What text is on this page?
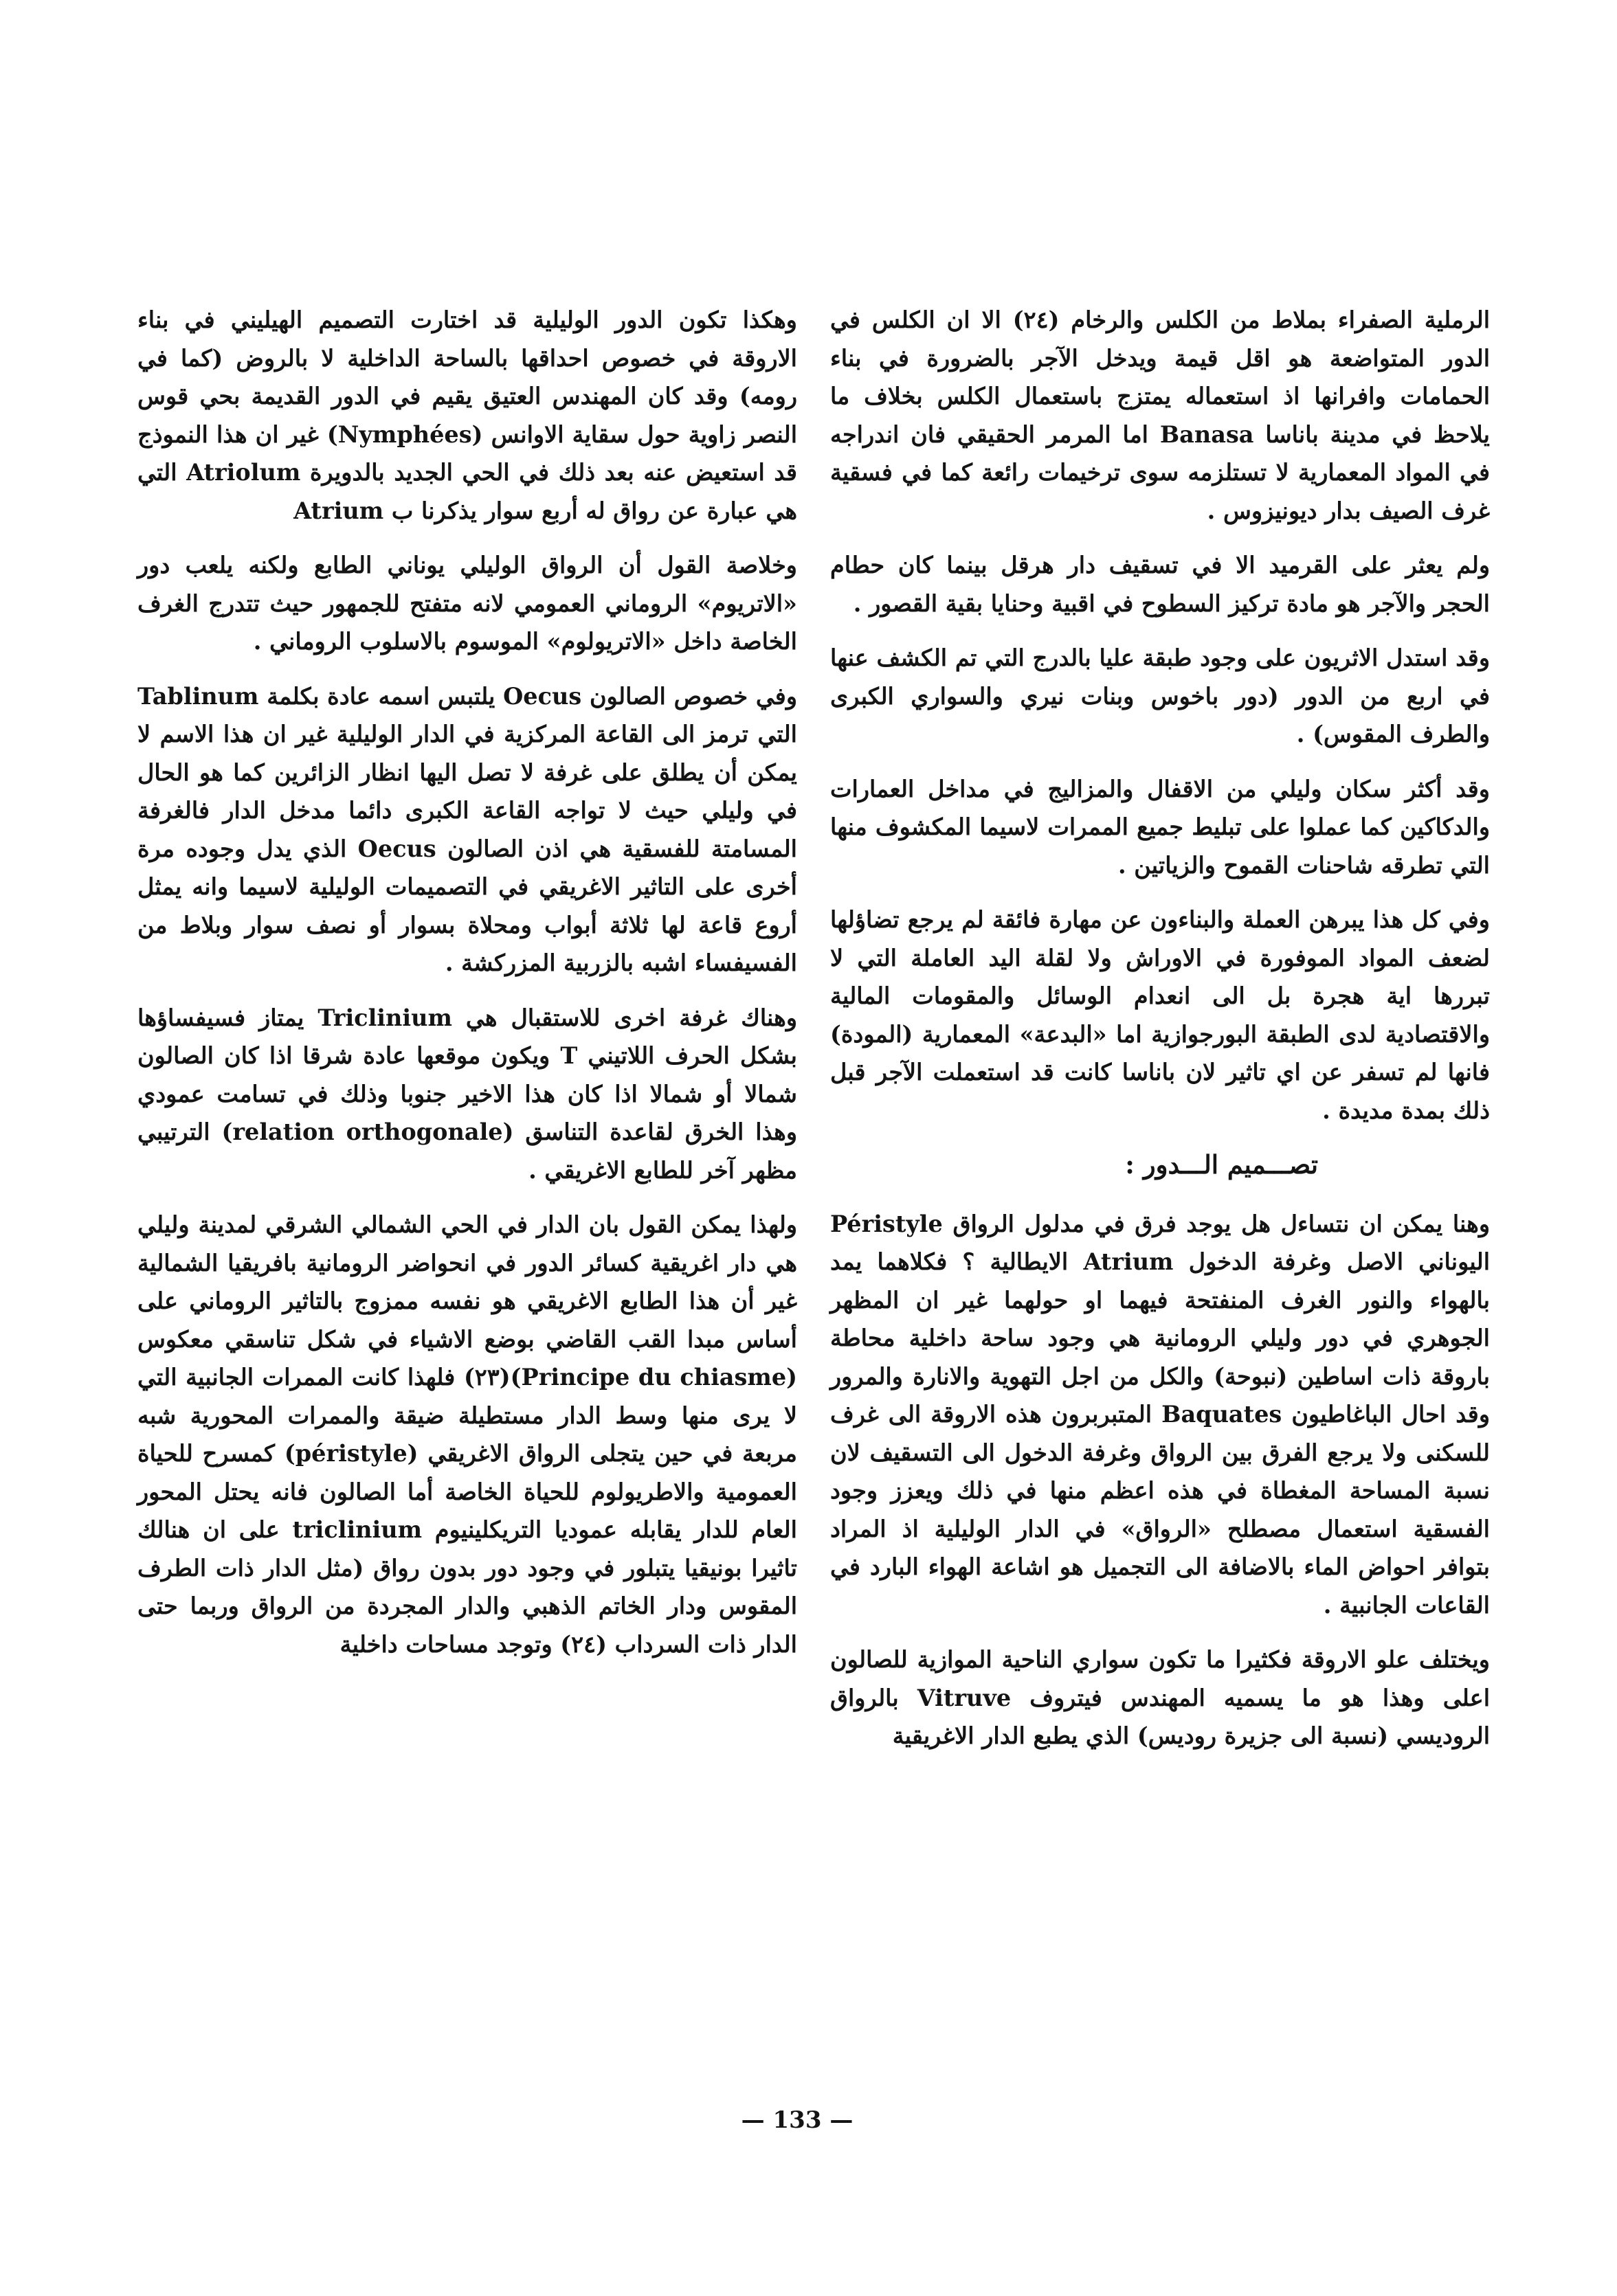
الرملية الصفراء بملاط من الكلس والرخام (٢٤) الا ان الكلس في الدور المتواضعة هو اقل قيمة ويدخل الآجر بالضرورة في بناء الحمامات وافرانها اذ استعماله يمتزج باستعمال الكلس بخلاف ما يلاحظ في مدينة باناسا Banasa اما المرمر الحقيقي فان اندراجه في المواد المعمارية لا تستلزمه سوى ترخيمات رائعة كما في فسقية غرف الصيف بدار ديونيزوس .

ولم يعثر على القرميد الا في تسقيف دار هرقل بينما كان حطام الحجر والآجر هو مادة تركيز السطوح في اقبية وحنايا بقية القصور .

وقد استدل الاثريون على وجود طبقة عليا بالدرج التي تم الكشف عنها في اربع من الدور (دور باخوس وبنات نيري والسواري الكبرى والطرف المقوس) .

وقد أكثر سكان وليلي من الاقفال والمزاليج في مداخل العمارات والدكاكين كما عملوا على تبليط جميع الممرات لاسيما المكشوف منها التي تطرقه شاحنات القموح والزياتين .

وفي كل هذا يبرهن العملة والبناءون عن مهارة فائقة لم يرجع تضاؤلها لضعف المواد الموفورة في الاوراش ولا لقلة اليد العاملة التي لا تبررها اية هجرة بل الى انعدام الوسائل والمقومات المالية والاقتصادية لدى الطبقة البورجوازية اما «البدعة» المعمارية (المودة) فانها لم تسفر عن اي تاثير لان باناسا كانت قد استعملت الآجر قبل ذلك بمدة مديدة .

تصـــميم الـــدور :

وهنا يمكن ان نتساءل هل يوجد فرق في مدلول الرواق Péristyle اليوناني الاصل وغرفة الدخول Atrium الايطالية ؟ فكلاهما يمد بالهواء والنور الغرف المنفتحة فيهما او حولهما غير ان المظهر الجوهري في دور وليلي الرومانية هي وجود ساحة داخلية محاطة باروقة ذات اساطين (نبوحة) والكل من اجل التهوية والانارة والمرور وقد احال الباغاطيون Baquates المتبربرون هذه الاروقة الى غرف للسكنى ولا يرجع الفرق بين الرواق وغرفة الدخول الى التسقيف لان نسبة المساحة المغطاة في هذه اعظم منها في ذلك ويعزز وجود الفسقية استعمال مصطلح «الرواق» في الدار الوليلية اذ المراد بتوافر احواض الماء بالاضافة الى التجميل هو اشاعة الهواء البارد في القاعات الجانبية .

ويختلف علو الاروقة فكثيرا ما تكون سواري الناحية الموازية للصالون اعلى وهذا هو ما يسميه المهندس فيتروف Vitruve بالرواق الروديسي (نسبة الى جزيرة روديس) الذي يطبع الدار الاغريقية

وهكذا تكون الدور الوليلية قد اختارت التصميم الهيليني في بناء الاروقة في خصوص احداقها بالساحة الداخلية لا بالروض (كما في رومه) وقد كان المهندس العتيق يقيم في الدور القديمة بحي قوس النصر زاوية حول سقاية الاوانس (Nymphées) غير ان هذا النموذج قد استعيض عنه بعد ذلك في الحي الجديد بالدويرة Atriolum التي هي عبارة عن رواق له أربع سوار يذكرنا ب Atrium

وخلاصة القول أن الرواق الوليلي يوناني الطابع ولكنه يلعب دور «الاتريوم» الروماني العمومي لانه متفتح للجمهور حيث تتدرج الغرف الخاصة داخل «الاتريولوم» الموسوم بالاسلوب الروماني .

وفي خصوص الصالون Oecus يلتبس اسمه عادة بكلمة Tablinum التي ترمز الى القاعة المركزية في الدار الوليلية غير ان هذا الاسم لا يمكن أن يطلق على غرفة لا تصل اليها انظار الزائرين كما هو الحال في وليلي حيث لا تواجه القاعة الكبرى دائما مدخل الدار فالغرفة المسامتة للفسقية هي اذن الصالون Oecus الذي يدل وجوده مرة أخرى على التاثير الاغريقي في التصميمات الوليلية لاسيما وانه يمثل أروع قاعة لها ثلاثة أبواب ومحلاة بسوار أو نصف سوار وبلاط من الفسيفساء اشبه بالزربية المزركشة .

وهناك غرفة اخرى للاستقبال هي Triclinium يمتاز فسيفساؤها بشكل الحرف اللاتيني T ويكون موقعها عادة شرقا اذا كان الصالون شمالا أو شمالا اذا كان هذا الاخير جنوبا وذلك في تسامت عمودي وهذا الخرق لقاعدة التناسق (relation orthogonale) الترتيبي مظهر آخر للطابع الاغريقي .

ولهذا يمكن القول بان الدار في الحي الشمالي الشرقي لمدينة وليلي هي دار اغريقية كسائر الدور في انحواضر الرومانية بافريقيا الشمالية غير أن هذا الطابع الاغريقي هو نفسه ممزوج بالتاثير الروماني على أساس مبدا القب القاضي بوضع الاشياء في شكل تناسقي معكوس (Principe du chiasme)(٢٣) فلهذا كانت الممرات الجانبية التي لا يرى منها وسط الدار مستطيلة ضيقة والممرات المحورية شبه مربعة في حين يتجلى الرواق الاغريقي (péristyle) كمسرح للحياة العمومية والاطريولوم للحياة الخاصة أما الصالون فانه يحتل المحور العام للدار يقابله عموديا التريكلينيوم triclinium على ان هنالك تاثيرا بونيقيا يتبلور في وجود دور بدون رواق (مثل الدار ذات الطرف المقوس ودار الخاتم الذهبي والدار المجردة من الرواق وربما حتى الدار ذات السرداب (٢٤) وتوجد مساحات داخلية

— 133 —
